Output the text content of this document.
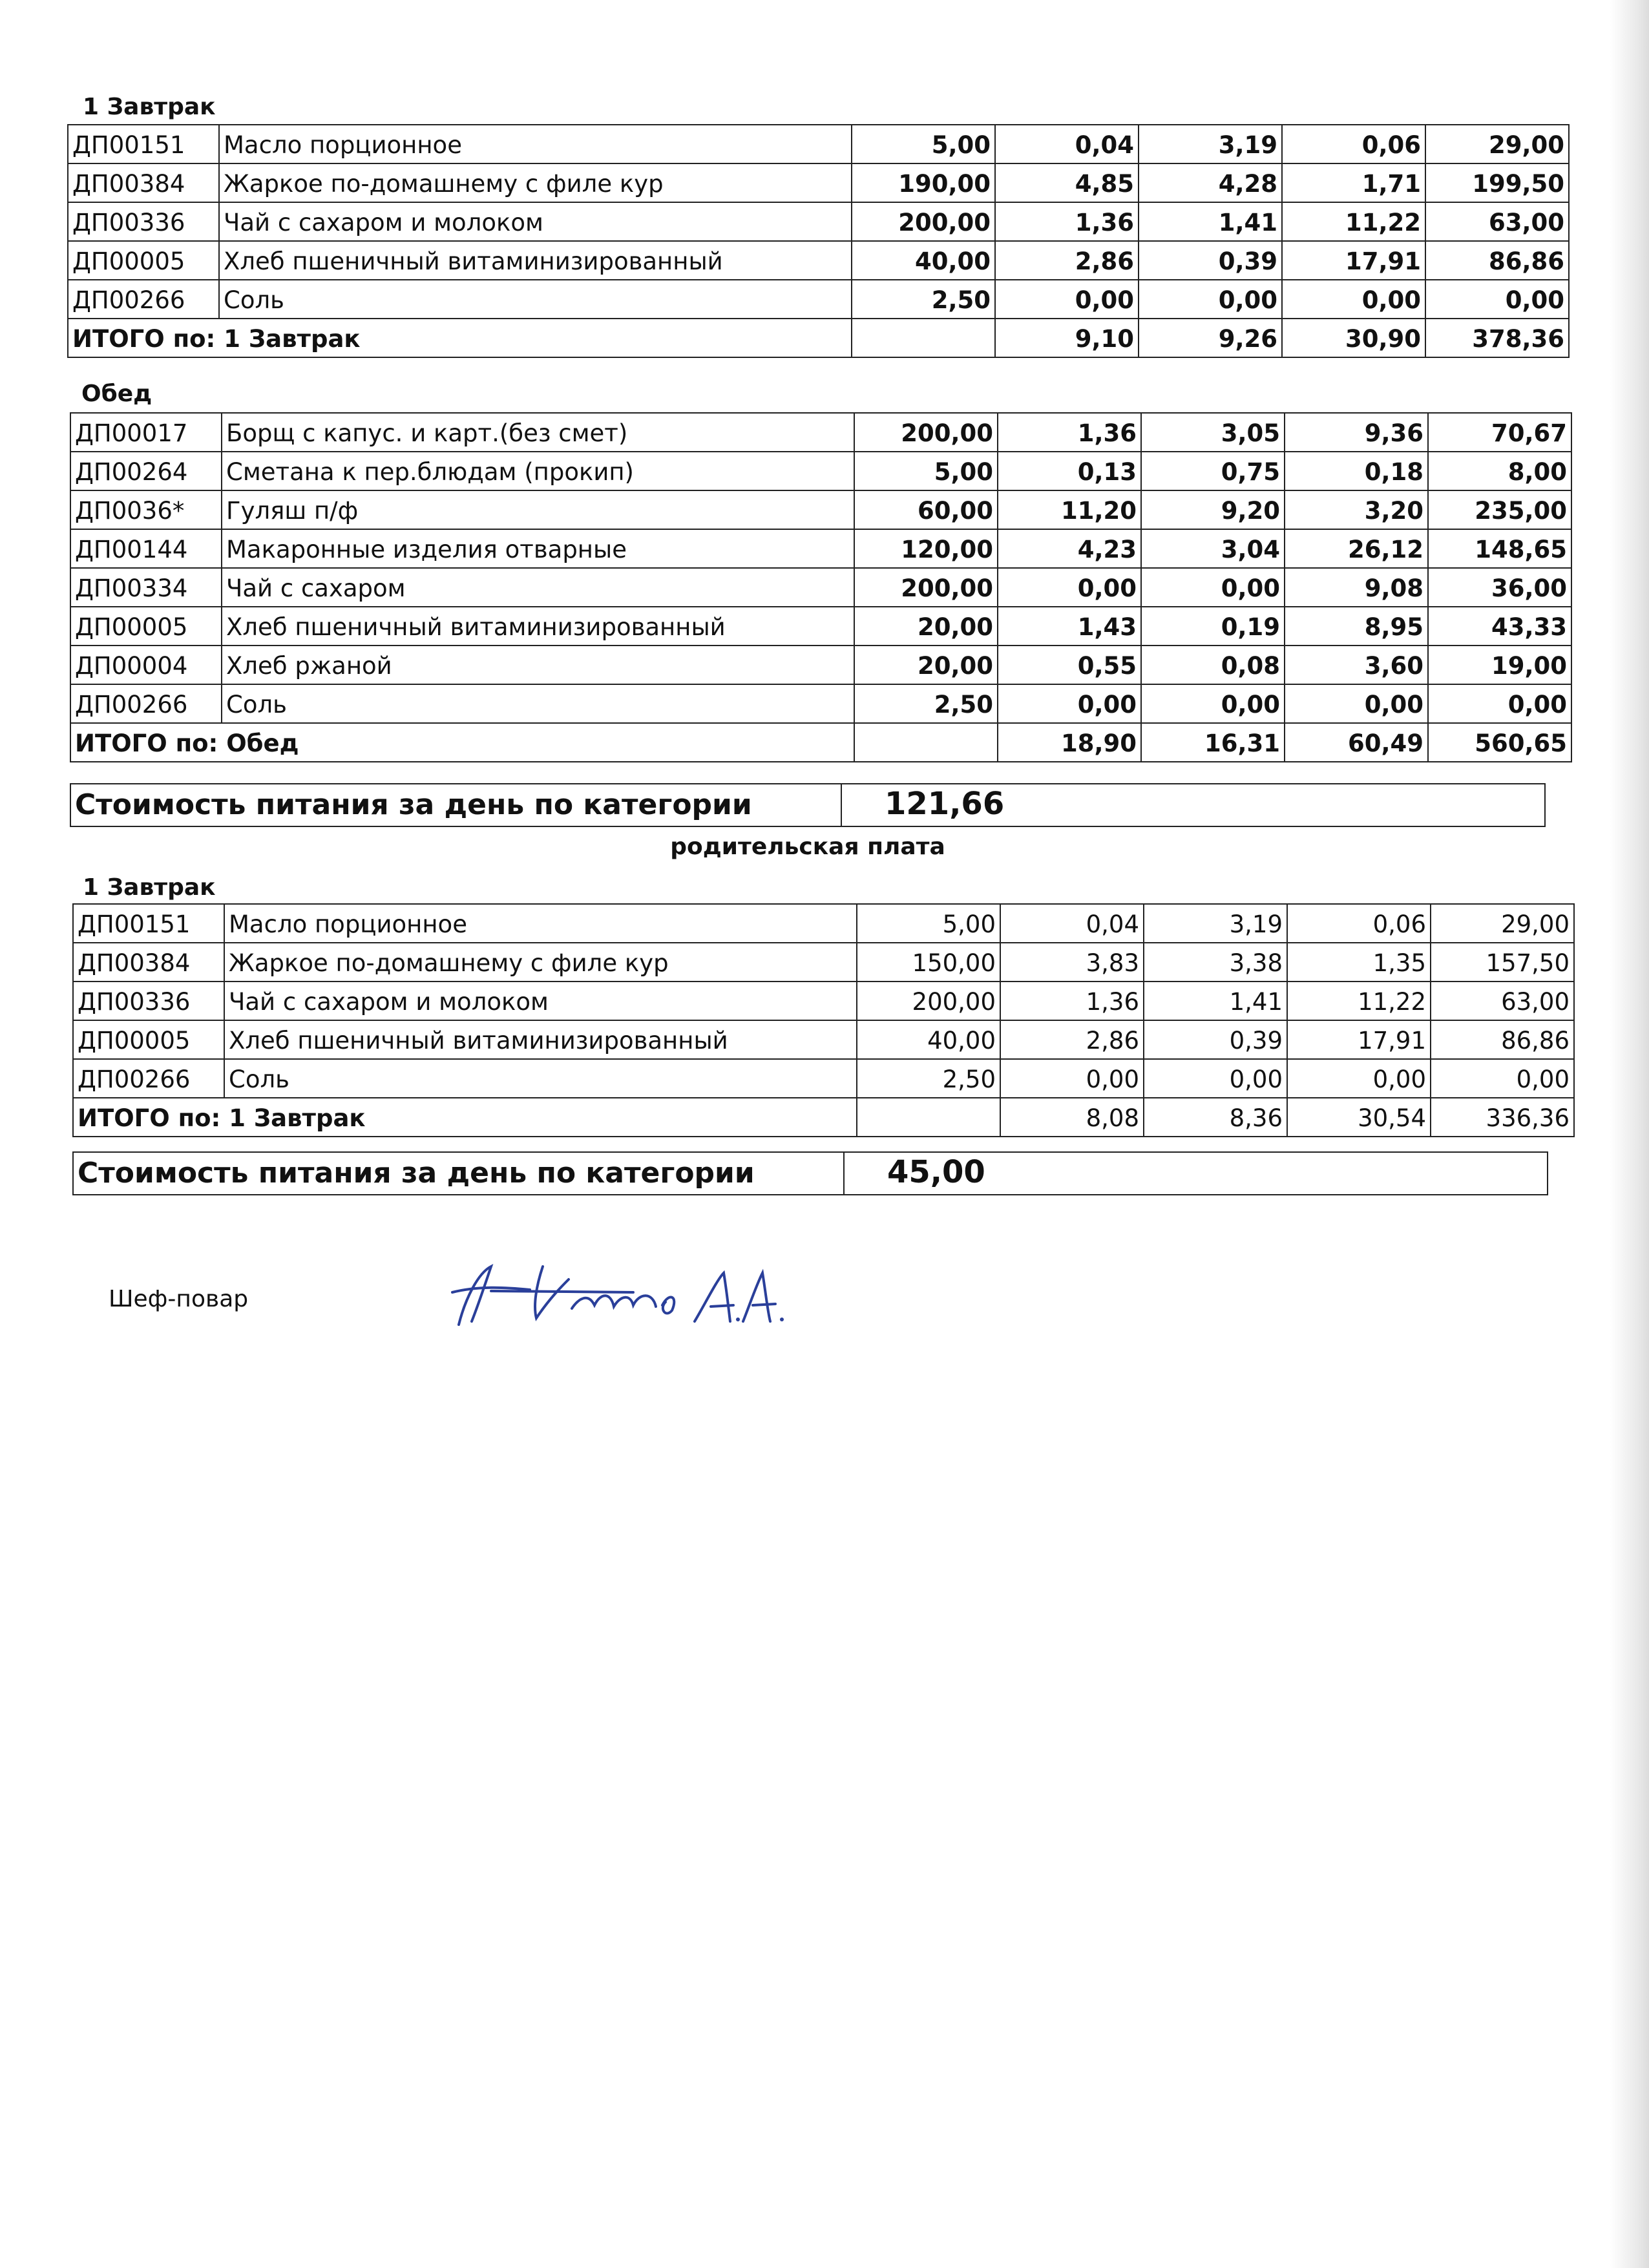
1 Завтрак
ДП00151	Масло порционное	5,00	0,04	3,19	0,06	29,00
ДП00384	Жаркое по-домашнему с филе кур	190,00	4,85	4,28	1,71	199,50
ДП00336	Чай с сахаром и молоком	200,00	1,36	1,41	11,22	63,00
ДП00005	Хлеб пшеничный витаминизированный	40,00	2,86	0,39	17,91	86,86
ДП00266	Соль	2,50	0,00	0,00	0,00	0,00
ИТОГО по: 1 Завтрак			9,10	9,26	30,90	378,36
Обед
ДП00017	Борщ с капус. и карт.(без смет)	200,00	1,36	3,05	9,36	70,67
ДП00264	Сметана к пер.блюдам (прокип)	5,00	0,13	0,75	0,18	8,00
ДП0036*	Гуляш п/ф	60,00	11,20	9,20	3,20	235,00
ДП00144	Макаронные изделия отварные	120,00	4,23	3,04	26,12	148,65
ДП00334	Чай с сахаром	200,00	0,00	0,00	9,08	36,00
ДП00005	Хлеб пшеничный витаминизированный	20,00	1,43	0,19	8,95	43,33
ДП00004	Хлеб ржаной	20,00	0,55	0,08	3,60	19,00
ДП00266	Соль	2,50	0,00	0,00	0,00	0,00
ИТОГО по: Обед			18,90	16,31	60,49	560,65
Стоимость питания за день по категории	121,66
родительская плата
1 Завтрак
ДП00151	Масло порционное	5,00	0,04	3,19	0,06	29,00
ДП00384	Жаркое по-домашнему с филе кур	150,00	3,83	3,38	1,35	157,50
ДП00336	Чай с сахаром и молоком	200,00	1,36	1,41	11,22	63,00
ДП00005	Хлеб пшеничный витаминизированный	40,00	2,86	0,39	17,91	86,86
ДП00266	Соль	2,50	0,00	0,00	0,00	0,00
ИТОГО по: 1 Завтрак			8,08	8,36	30,54	336,36
Стоимость питания за день по категории	45,00
Шеф-повар
